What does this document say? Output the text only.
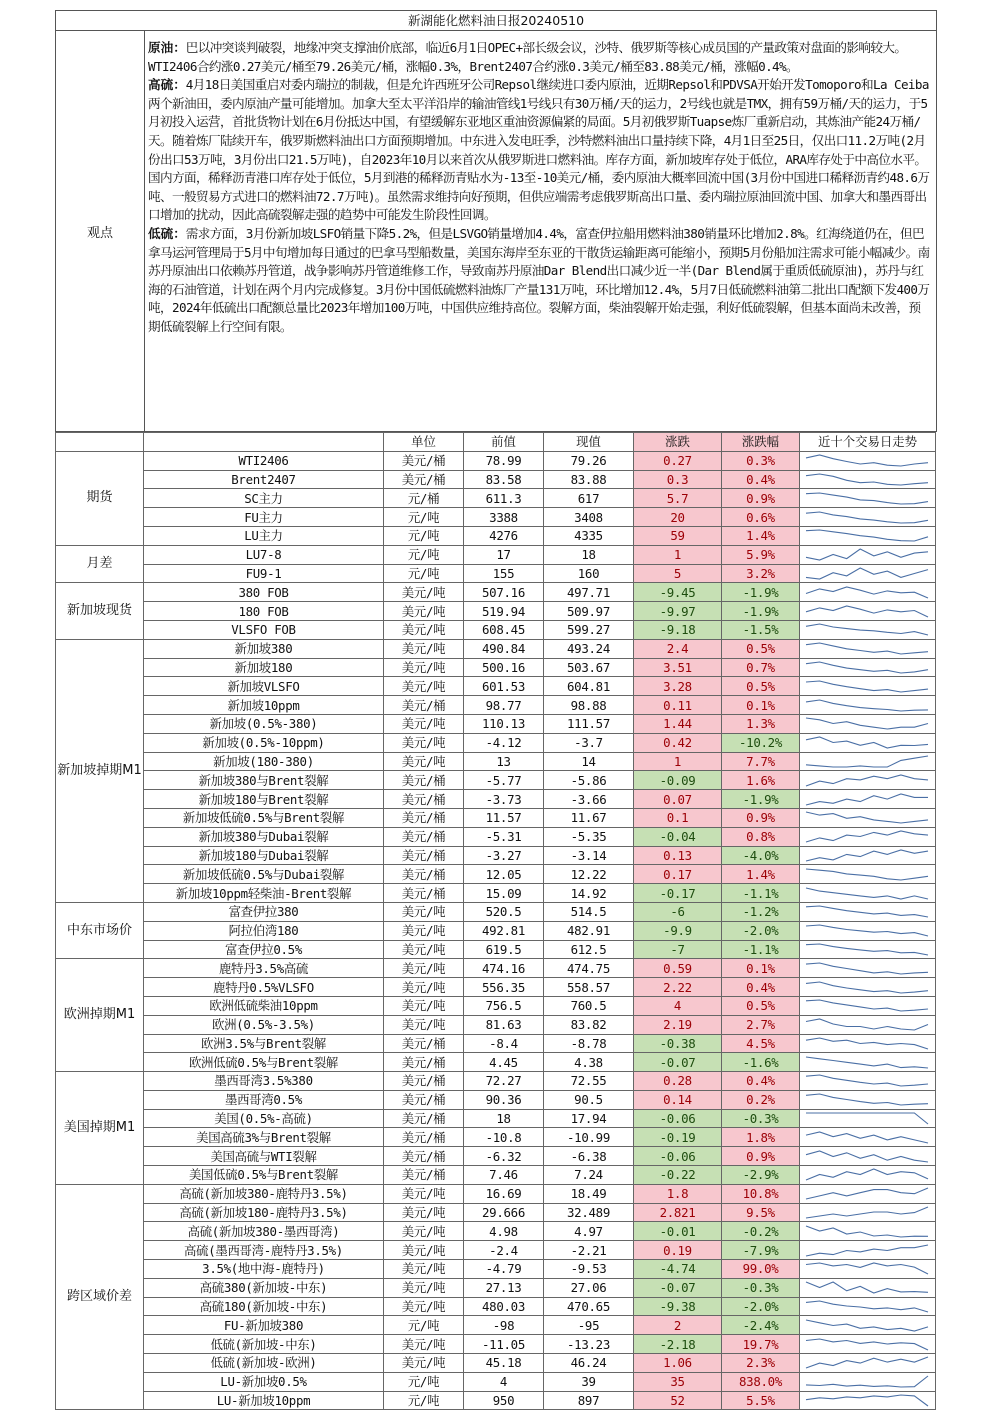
新湖能化燃料油日报20240510
观点

原油：巴以冲突谈判破裂，地缘冲突支撑油价底部，临近6月1日OPEC+部长级会议，沙特、俄罗斯等核心成员国的产量政策对盘面的影响较大。WTI2406合约涨0.27美元/桶至79.26美元/桶，涨幅0.3%，Brent2407合约涨0.3美元/桶至83.88美元/桶，涨幅0.4%。

高硫：4月18日美国重启对委内瑞拉的制裁，但是允许西班牙公司Repsol继续进口委内原油，近期Repsol和PDVSA开始开发Tomoporo和La Ceiba两个新油田，委内原油产量可能增加。加拿大至太平洋沿岸的输油管线1号线只有30万桶/天的运力，2号线也就是TMX，拥有59万桶/天的运力，于5月初投入运营，首批货物计划在6月份抵达中国，有望缓解东亚地区重油资源偏紧的局面。5月初俄罗斯Tuapse炼厂重新启动，其炼油产能24万桶/天。随着炼厂陆续开车，俄罗斯燃料油出口方面预期增加。中东进入发电旺季，沙特燃料油出口量持续下降，4月1日至25日，仅出口11.2万吨(2月份出口53万吨，3月份出口21.5万吨)，自2023年10月以来首次从俄罗斯进口燃料油。库存方面，新加坡库存处于低位，ARA库存处于中高位水平。国内方面，稀释沥青港口库存处于低位，5月到港的稀释沥青贴水为-13至-10美元/桶，委内原油大概率回流中国(3月份中国进口稀释沥青约48.6万吨、一般贸易方式进口的燃料油72.7万吨)。虽然需求维持向好预期，但供应端需考虑俄罗斯高出口量、委内瑞拉原油回流中国、加拿大和墨西哥出口增加的扰动，因此高硫裂解走强的趋势中可能发生阶段性回调。

低硫：需求方面，3月份新加坡LSFO销量下降5.2%，但是LSVGO销量增加4.4%，富查伊拉船用燃料油380销量环比增加2.8%。红海绕道仍在，但巴拿马运河管理局于5月中旬增加每日通过的巴拿马型船数量，美国东海岸至东亚的干散货运输距离可能缩小，预期5月份船加注需求可能小幅减少。南苏丹原油出口依赖苏丹管道，战争影响苏丹管道维修工作，导致南苏丹原油Dar Blend出口减少近一半(Dar Blend属于重质低硫原油)，苏丹与红海的石油管道，计划在两个月内完成修复。3月份中国低硫燃料油炼厂产量131万吨，环比增加12.4%，5月7日低硫燃料油第二批出口配额下发400万吨，2024年低硫出口配额总量比2023年增加100万吨，中国供应维持高位。裂解方面，柴油裂解开始走强，利好低硫裂解，但基本面尚未改善，预期低硫裂解上行空间有限。

		单位	前值	现值	涨跌	涨跌幅	近十个交易日走势
期货	WTI2406	美元/桶	78.99	79.26	0.27	0.3%	

	Brent2407	美元/桶	83.58	83.88	0.3	0.4%	

	SC主力	元/桶	611.3	617	5.7	0.9%	

	FU主力	元/吨	3388	3408	20	0.6%	

	LU主力	元/吨	4276	4335	59	1.4%	

月差	LU7-8	元/吨	17	18	1	5.9%	

	FU9-1	元/吨	155	160	5	3.2%	

新加坡现货	380 FOB	美元/吨	507.16	497.71	-9.45	-1.9%	

	180 FOB	美元/吨	519.94	509.97	-9.97	-1.9%	

	VLSFO FOB	美元/吨	608.45	599.27	-9.18	-1.5%	

新加坡掉期M1	新加坡380	美元/吨	490.84	493.24	2.4	0.5%	

	新加坡180	美元/吨	500.16	503.67	3.51	0.7%	

	新加坡VLSFO	美元/吨	601.53	604.81	3.28	0.5%	

	新加坡10ppm	美元/桶	98.77	98.88	0.11	0.1%	

	新加坡(0.5%-380)	美元/吨	110.13	111.57	1.44	1.3%	

	新加坡(0.5%-10ppm)	美元/吨	-4.12	-3.7	0.42	-10.2%	

	新加坡(180-380)	美元/吨	13	14	1	7.7%	

	新加坡380与Brent裂解	美元/桶	-5.77	-5.86	-0.09	1.6%	

	新加坡180与Brent裂解	美元/桶	-3.73	-3.66	0.07	-1.9%	

	新加坡低硫0.5%与Brent裂解	美元/桶	11.57	11.67	0.1	0.9%	

	新加坡380与Dubai裂解	美元/桶	-5.31	-5.35	-0.04	0.8%	

	新加坡180与Dubai裂解	美元/桶	-3.27	-3.14	0.13	-4.0%	

	新加坡低硫0.5%与Dubai裂解	美元/桶	12.05	12.22	0.17	1.4%	

	新加坡10ppm轻柴油-Brent裂解	美元/桶	15.09	14.92	-0.17	-1.1%	

中东市场价	富查伊拉380	美元/吨	520.5	514.5	-6	-1.2%	

	阿拉伯湾180	美元/吨	492.81	482.91	-9.9	-2.0%	

	富查伊拉0.5%	美元/吨	619.5	612.5	-7	-1.1%	

欧洲掉期M1	鹿特丹3.5%高硫	美元/吨	474.16	474.75	0.59	0.1%	

	鹿特丹0.5%VLSFO	美元/吨	556.35	558.57	2.22	0.4%	

	欧洲低硫柴油10ppm	美元/吨	756.5	760.5	4	0.5%	

	欧洲(0.5%-3.5%)	美元/吨	81.63	83.82	2.19	2.7%	

	欧洲3.5%与Brent裂解	美元/桶	-8.4	-8.78	-0.38	4.5%	

	欧洲低硫0.5%与Brent裂解	美元/桶	4.45	4.38	-0.07	-1.6%	

美国掉期M1	墨西哥湾3.5%380	美元/桶	72.27	72.55	0.28	0.4%	

	墨西哥湾0.5%	美元/桶	90.36	90.5	0.14	0.2%	

	美国(0.5%-高硫)	美元/桶	18	17.94	-0.06	-0.3%	

	美国高硫3%与Brent裂解	美元/桶	-10.8	-10.99	-0.19	1.8%	

	美国高硫与WTI裂解	美元/桶	-6.32	-6.38	-0.06	0.9%	

	美国低硫0.5%与Brent裂解	美元/桶	7.46	7.24	-0.22	-2.9%	

跨区域价差	高硫(新加坡380-鹿特丹3.5%)	美元/吨	16.69	18.49	1.8	10.8%	

	高硫(新加坡180-鹿特丹3.5%)	美元/吨	29.666	32.489	2.821	9.5%	

	高硫(新加坡380-墨西哥湾)	美元/吨	4.98	4.97	-0.01	-0.2%	

	高硫(墨西哥湾-鹿特丹3.5%)	美元/吨	-2.4	-2.21	0.19	-7.9%	

	3.5%(地中海-鹿特丹)	美元/吨	-4.79	-9.53	-4.74	99.0%	

	高硫380(新加坡-中东)	美元/吨	27.13	27.06	-0.07	-0.3%	

	高硫180(新加坡-中东)	美元/吨	480.03	470.65	-9.38	-2.0%	

	FU-新加坡380	元/吨	-98	-95	2	-2.4%	

	低硫(新加坡-中东)	美元/吨	-11.05	-13.23	-2.18	19.7%	

	低硫(新加坡-欧洲)	美元/吨	45.18	46.24	1.06	2.3%	

	LU-新加坡0.5%	元/吨	4	39	35	838.0%	

	LU-新加坡10ppm	元/吨	950	897	52	5.5%	
